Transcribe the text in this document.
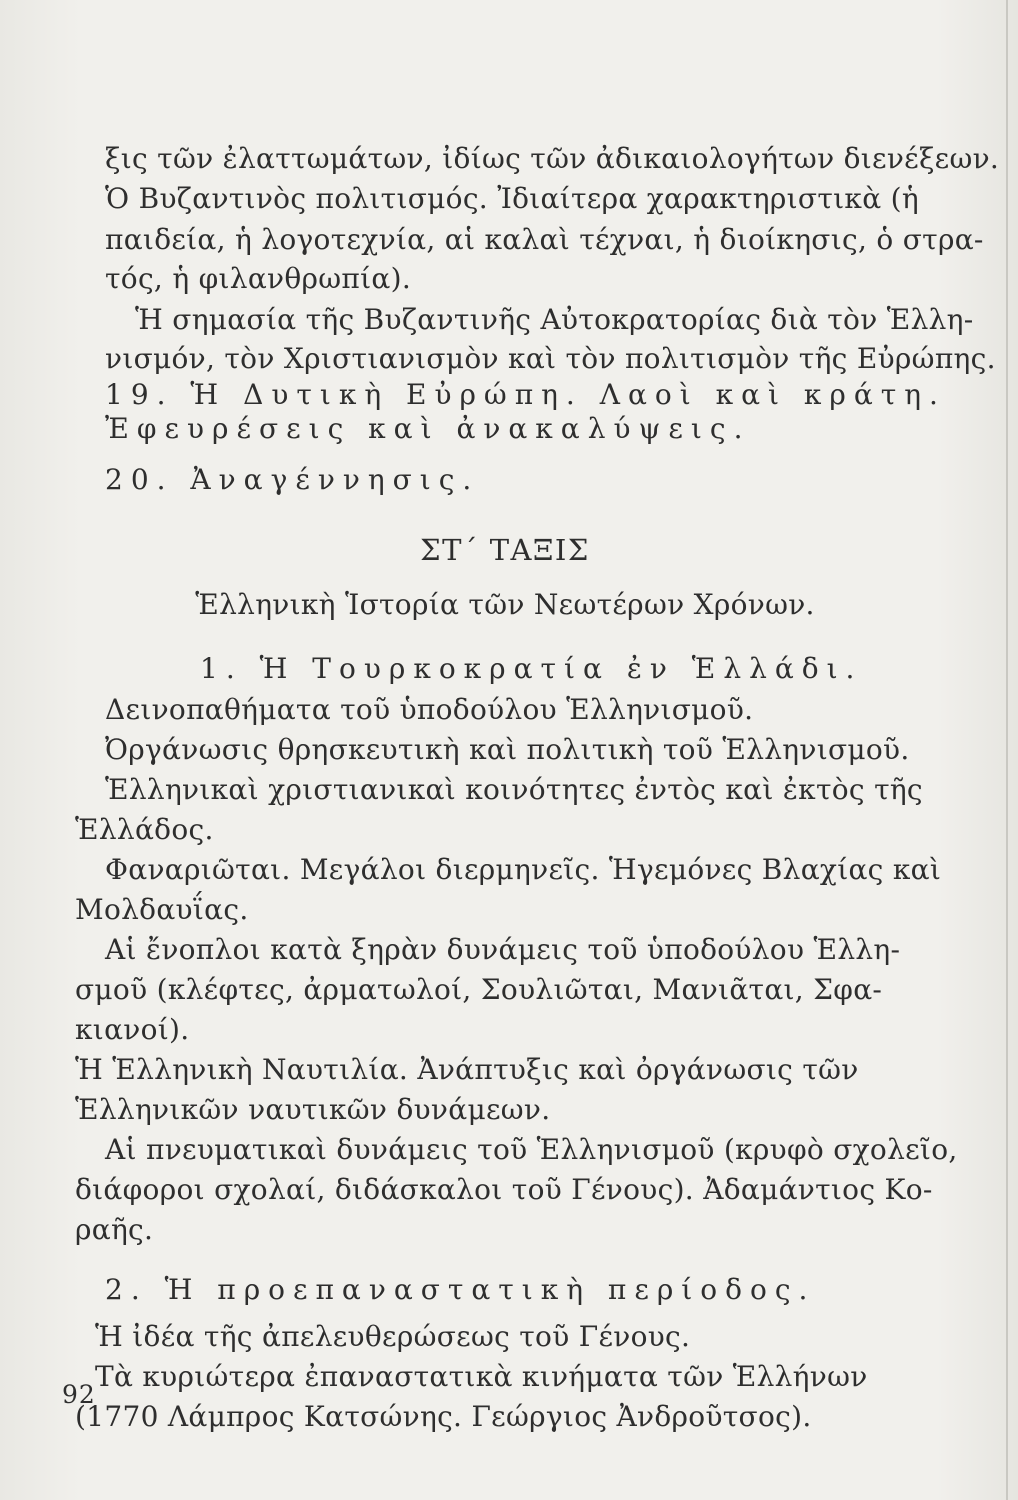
ξις τῶν ἐλαττωμάτων, ἰδίως τῶν ἀδικαιολογήτων διενέξεων.
Ὁ Βυζαντινὸς πολιτισμός. Ἰδιαίτερα χαρακτηριστικὰ (ἡ
παιδεία, ἡ λογοτεχνία, αἱ καλαὶ τέχναι, ἡ διοίκησις, ὁ στρα-
τός, ἡ φιλανθρωπία).
Ἡ σημασία τῆς Βυζαντινῆς Αὐτοκρατορίας διὰ τὸν Ἑλλη-
νισμόν, τὸν Χριστιανισμὸν καὶ τὸν πολιτισμὸν τῆς Εὐρώπης.
19. Ἡ Δυτικὴ Εὐρώπη. Λαοὶ καὶ κράτη.
Ἐφευρέσεις καὶ ἀνακαλύψεις.
20. Ἀναγέννησις.
ΣΤ΄ ΤΑΞΙΣ
Ἑλληνικὴ Ἱστορία τῶν Νεωτέρων Χρόνων.
1. Ἡ Τουρκοκρατία ἐν Ἑλλάδι.
Δεινοπαθήματα τοῦ ὑποδούλου Ἑλληνισμοῦ.
Ὀργάνωσις θρησκευτικὴ καὶ πολιτικὴ τοῦ Ἑλληνισμοῦ.
Ἑλληνικαὶ χριστιανικαὶ κοινότητες ἐντὸς καὶ ἐκτὸς τῆς
Ἑλλάδος.
Φαναριῶται. Μεγάλοι διερμηνεῖς. Ἡγεμόνες Βλαχίας καὶ
Μολδαυΐας.
Αἱ ἔνοπλοι κατὰ ξηρὰν δυνάμεις τοῦ ὑποδούλου Ἑλλη-
σμοῦ (κλέφτες, ἀρματωλοί, Σουλιῶται, Μανιᾶται, Σφα-
κιανοί).
Ἡ Ἑλληνικὴ Ναυτιλία. Ἀνάπτυξις καὶ ὀργάνωσις τῶν
Ἑλληνικῶν ναυτικῶν δυνάμεων.
Αἱ πνευματικαὶ δυνάμεις τοῦ Ἑλληνισμοῦ (κρυφὸ σχολεῖο,
διάφοροι σχολαί, διδάσκαλοι τοῦ Γένους). Ἀδαμάντιος Κο-
ραῆς.
2. Ἡ προεπαναστατικὴ περίοδος.
Ἡ ἰδέα τῆς ἀπελευθερώσεως τοῦ Γένους.
Τὰ κυριώτερα ἐπαναστατικὰ κινήματα τῶν Ἑλλήνων
(1770 Λάμπρος Κατσώνης. Γεώργιος Ἀνδροῦτσος).
92
